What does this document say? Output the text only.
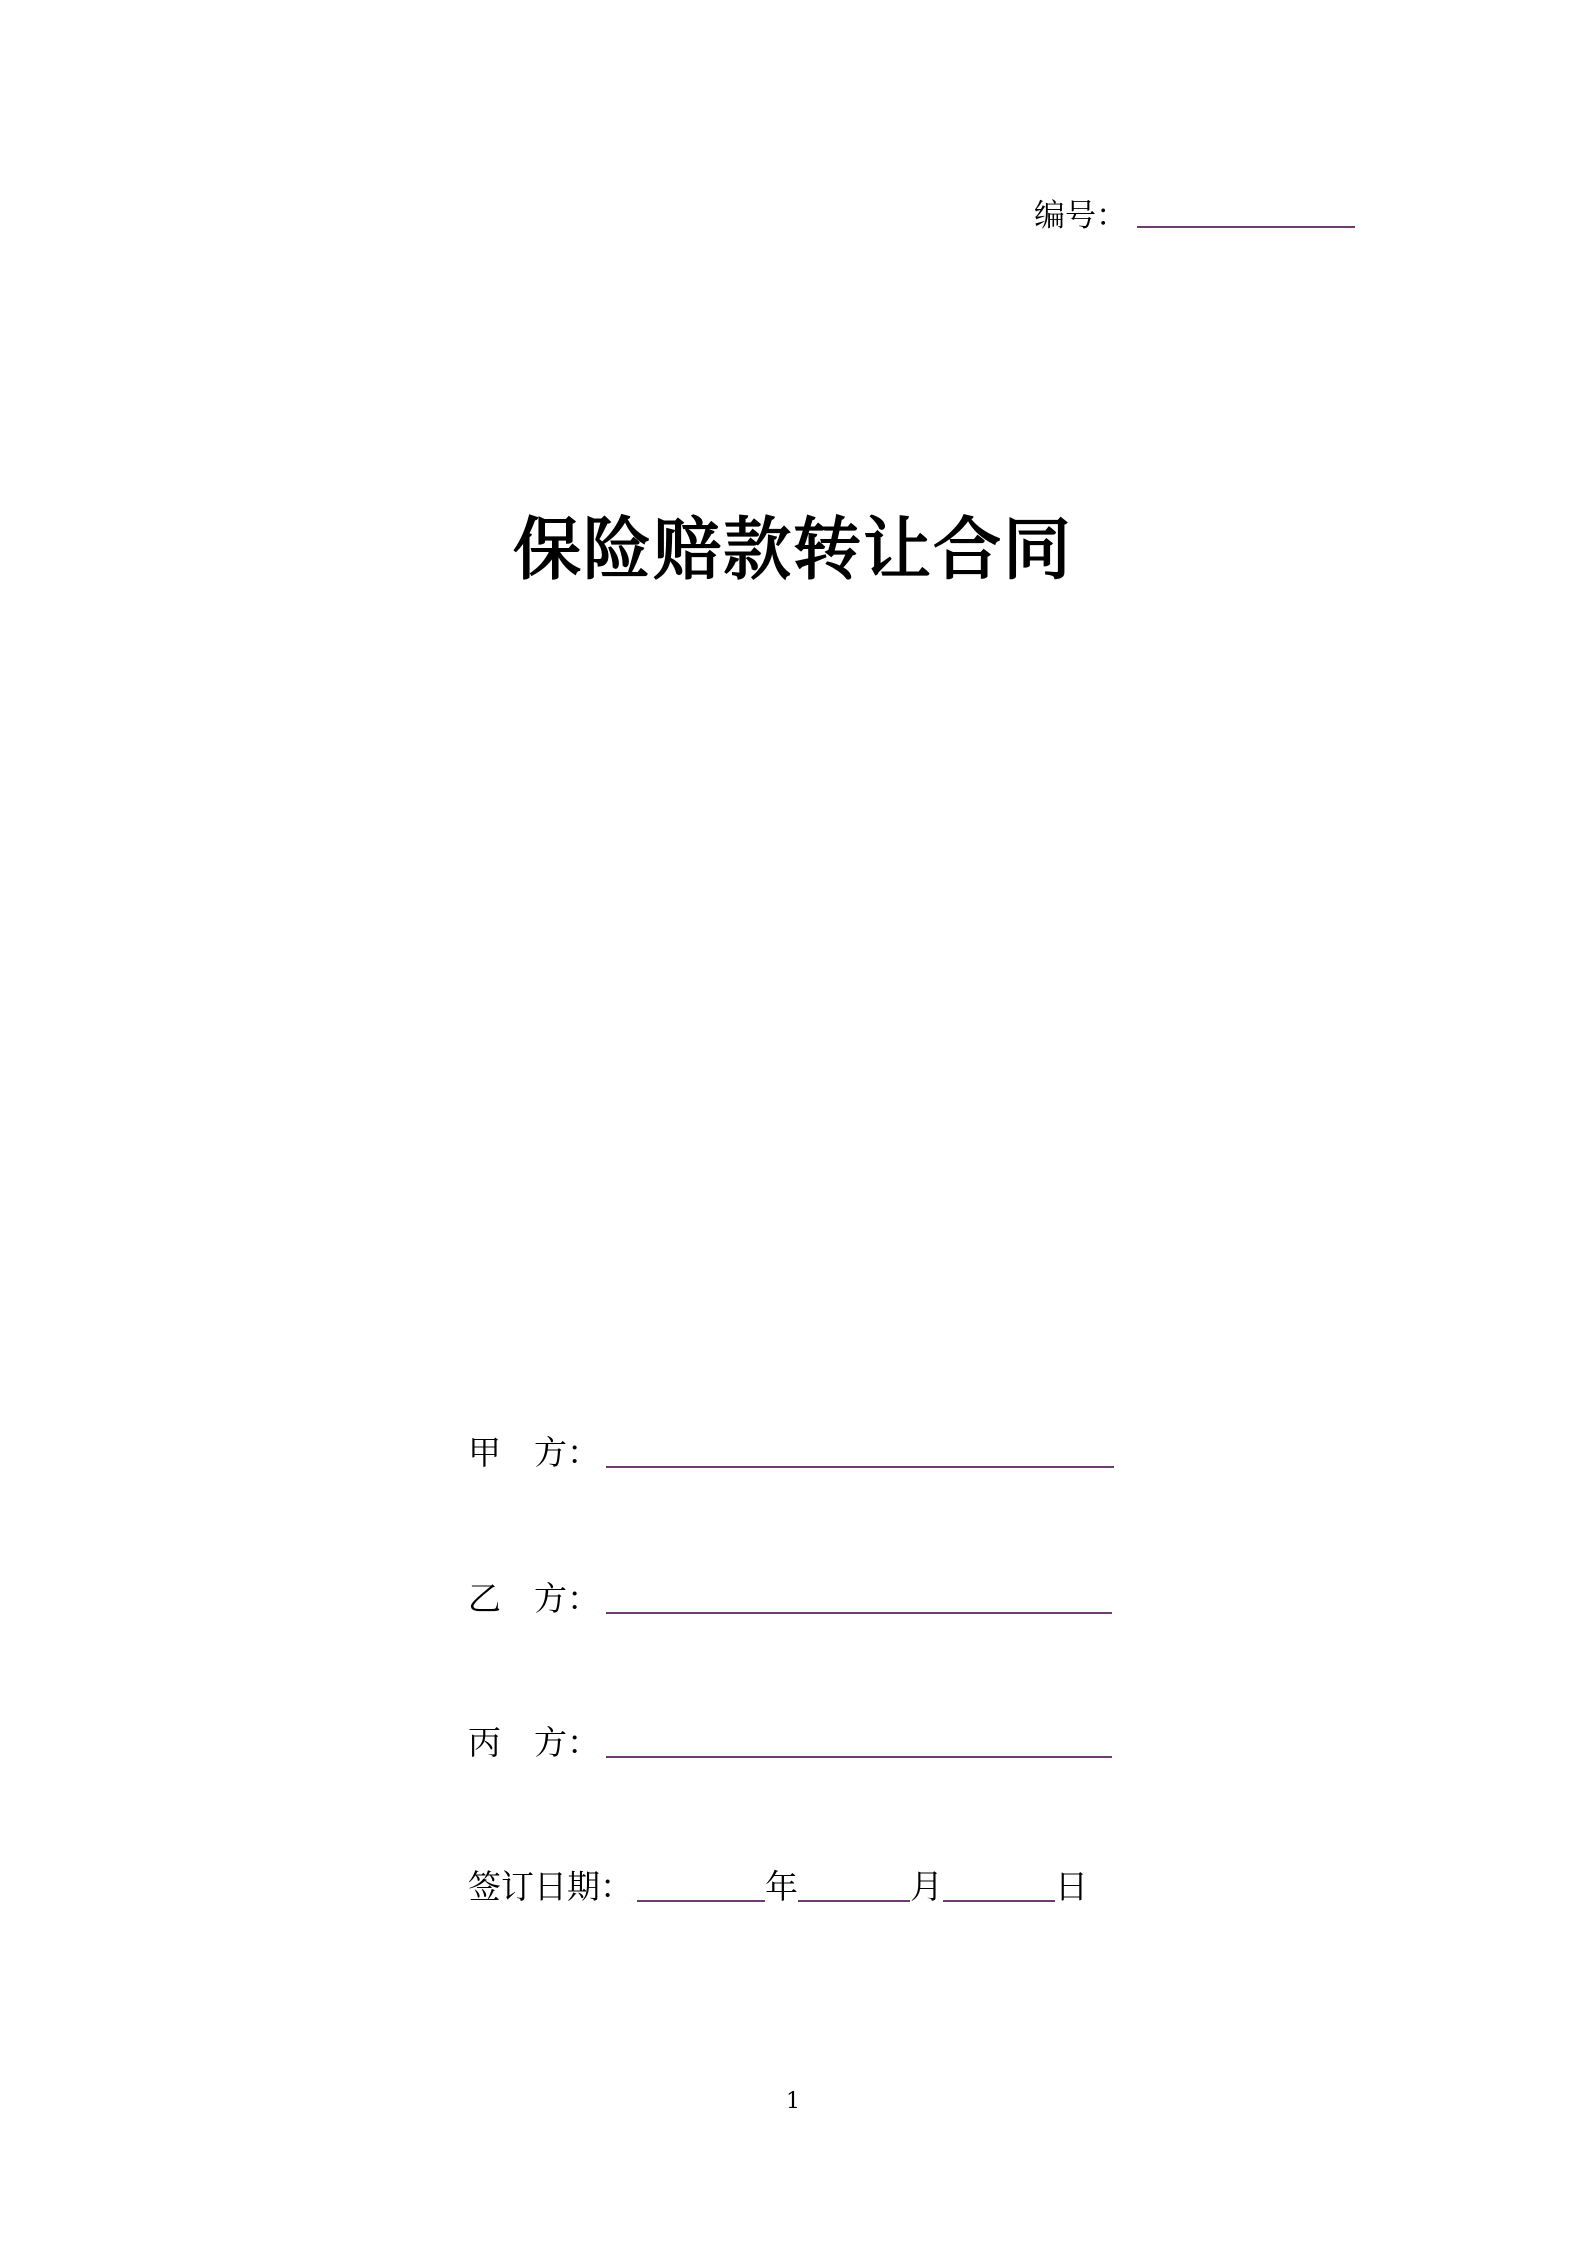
编号：
保险赔款转让合同
甲　方：
乙　方：
丙　方：
签订日期：	年	月	日
1
